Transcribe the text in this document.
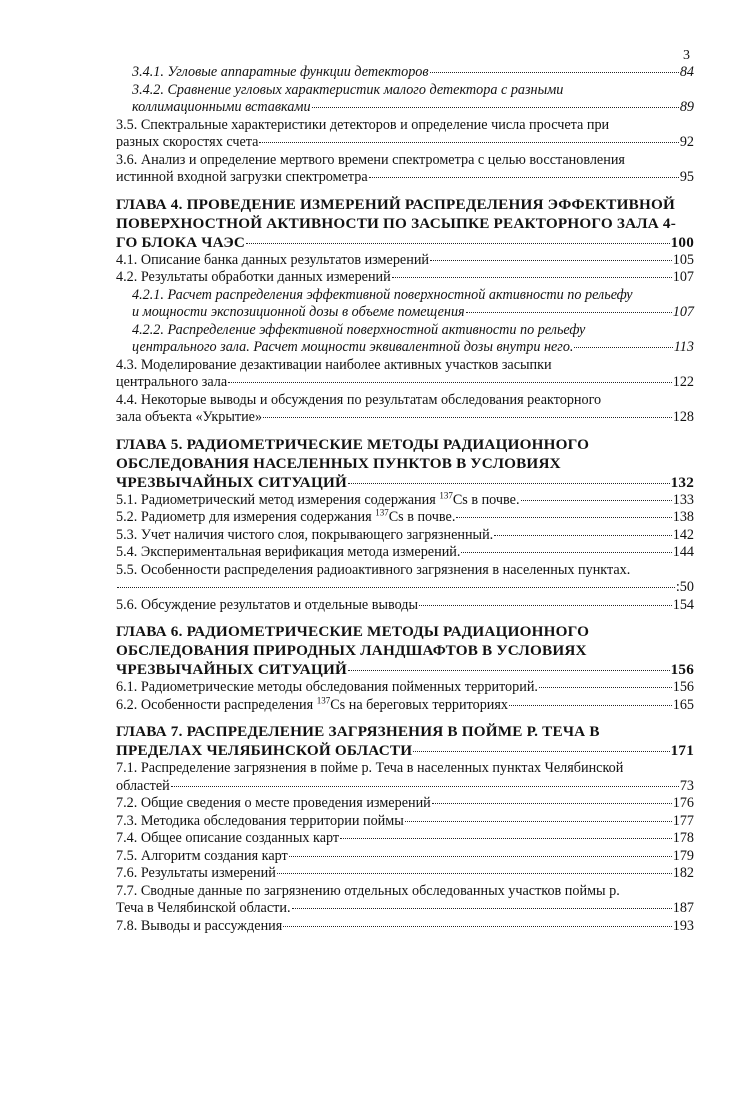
3
3.4.1. Угловые аппаратные функции детекторов	84
3.4.2. Сравнение угловых характеристик малого детектора с разными
коллимационными вставками	89
3.5. Спектральные характеристики детекторов и определение числа просчета при
разных скоростях счета	92
3.6. Анализ и определение мертвого времени спектрометра с целью восстановления
истинной входной загрузки спектрометра	95
ГЛАВА 4. ПРОВЕДЕНИЕ ИЗМЕРЕНИЙ РАСПРЕДЕЛЕНИЯ ЭФФЕКТИВНОЙ
ПОВЕРХНОСТНОЙ АКТИВНОСТИ ПО ЗАСЫПКЕ РЕАКТОРНОГО ЗАЛА 4-
ГО БЛОКА ЧАЭС	100
4.1. Описание банка данных результатов измерений	105
4.2. Результаты обработки данных измерений	107
4.2.1. Расчет распределения эффективной поверхностной активности по рельефу
и мощности экспозиционной дозы в объеме помещения	107
4.2.2. Распределение эффективной поверхностной активности по рельефу
центрального зала. Расчет мощности эквивалентной дозы внутри него.	113
4.3. Моделирование дезактивации наиболее активных участков засыпки
центрального зала	122
4.4. Некоторые выводы и обсуждения по результатам обследования реакторного
зала объекта «Укрытие»	128
ГЛАВА 5. РАДИОМЕТРИЧЕСКИЕ МЕТОДЫ РАДИАЦИОННОГО
ОБСЛЕДОВАНИЯ НАСЕЛЕННЫХ ПУНКТОВ В УСЛОВИЯХ
ЧРЕЗВЫЧАЙНЫХ СИТУАЦИЙ	132
5.1. Радиометрический метод измерения содержания $^{137}$Cs в почве.	133
5.2. Радиометр для измерения содержания $^{137}$Cs в почве.	138
5.3. Учет наличия чистого слоя, покрывающего загрязненный.	142
5.4. Экспериментальная верификация метода измерений.	144
5.5. Особенности распределения радиоактивного загрязнения в населенных пунктах.
:50
5.6. Обсуждение результатов и отдельные выводы	154
ГЛАВА 6. РАДИОМЕТРИЧЕСКИЕ МЕТОДЫ РАДИАЦИОННОГО
ОБСЛЕДОВАНИЯ ПРИРОДНЫХ ЛАНДШАФТОВ В УСЛОВИЯХ
ЧРЕЗВЫЧАЙНЫХ СИТУАЦИЙ	156
6.1. Радиометрические методы обследования пойменных территорий.	156
6.2. Особенности распределения $^{137}$Cs на береговых территориях	165
ГЛАВА 7. РАСПРЕДЕЛЕНИЕ ЗАГРЯЗНЕНИЯ В ПОЙМЕ Р. ТЕЧА В
ПРЕДЕЛАХ ЧЕЛЯБИНСКОЙ ОБЛАСТИ	171
7.1. Распределение загрязнения в пойме р. Теча в населенных пунктах Челябинской
областей	73
7.2. Общие сведения о месте проведения измерений	176
7.3. Методика обследования территории поймы	177
7.4. Общее описание созданных карт	178
7.5. Алгоритм создания карт	179
7.6. Результаты измерений	182
7.7. Сводные данные по загрязнению отдельных обследованных участков поймы р.
Теча в Челябинской области.	187
7.8. Выводы и рассуждения	193
